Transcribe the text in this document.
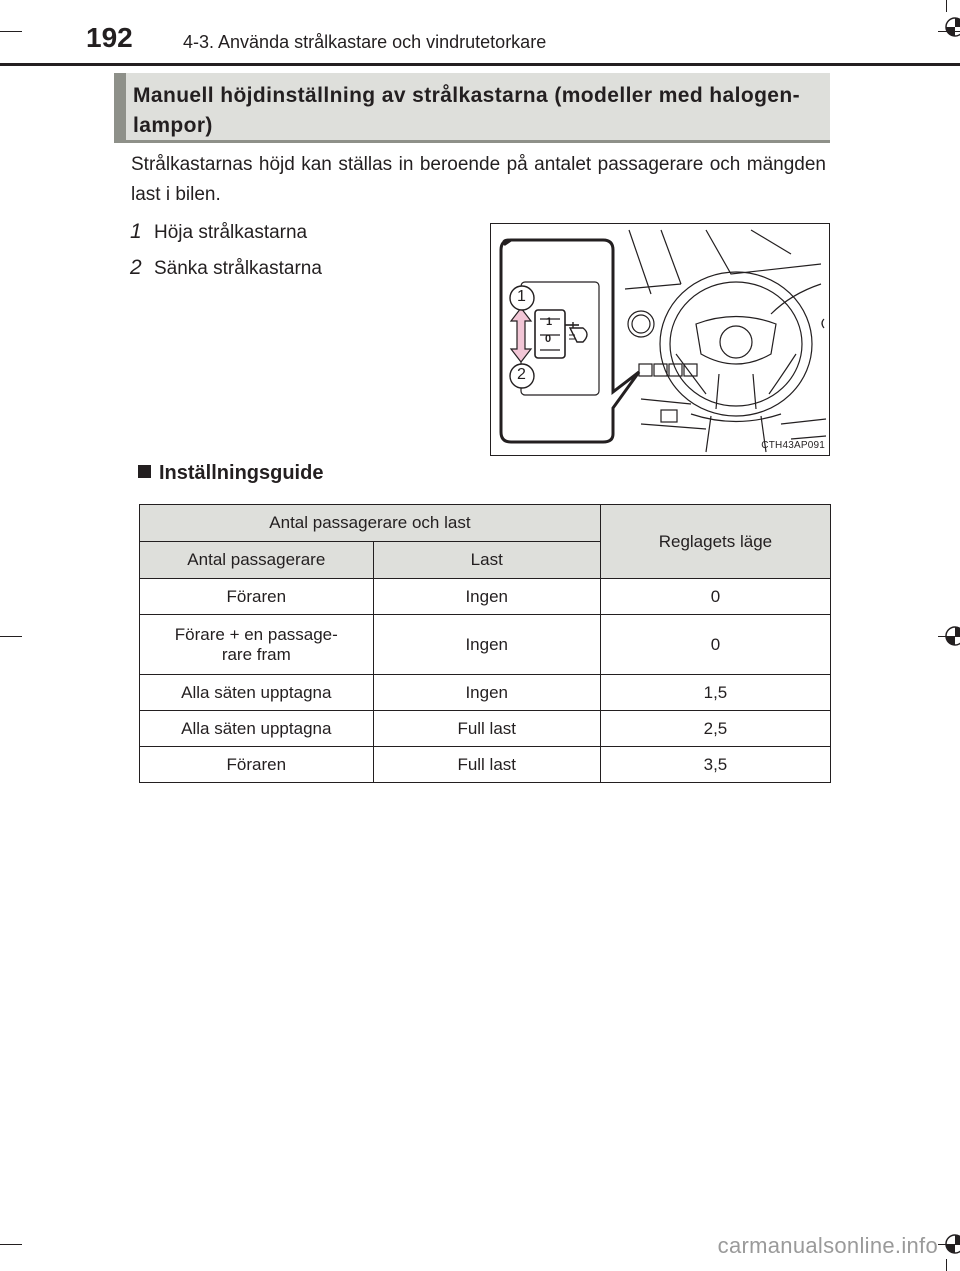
192	4-3. Använda strålkastare och vindrutetorkare
Manuell höjdinställning av strålkastarna (modeller med halogen-lampor)
Strålkastarnas höjd kan ställas in beroende på antalet passagerare och mängden last i bilen.
1 Höja strålkastarna
2 Sänka strålkastarna
1
2
1
0
CTH43AP091
Inställningsguide
Antal passagerare och last		Reglagets läge
Antal passagerare	Last	
Föraren	Ingen	0
Förare + en passage-rare fram	Ingen	0
Alla säten upptagna	Ingen	1,5
Alla säten upptagna	Full last	2,5
Föraren	Full last	3,5
carmanualsonline.info
